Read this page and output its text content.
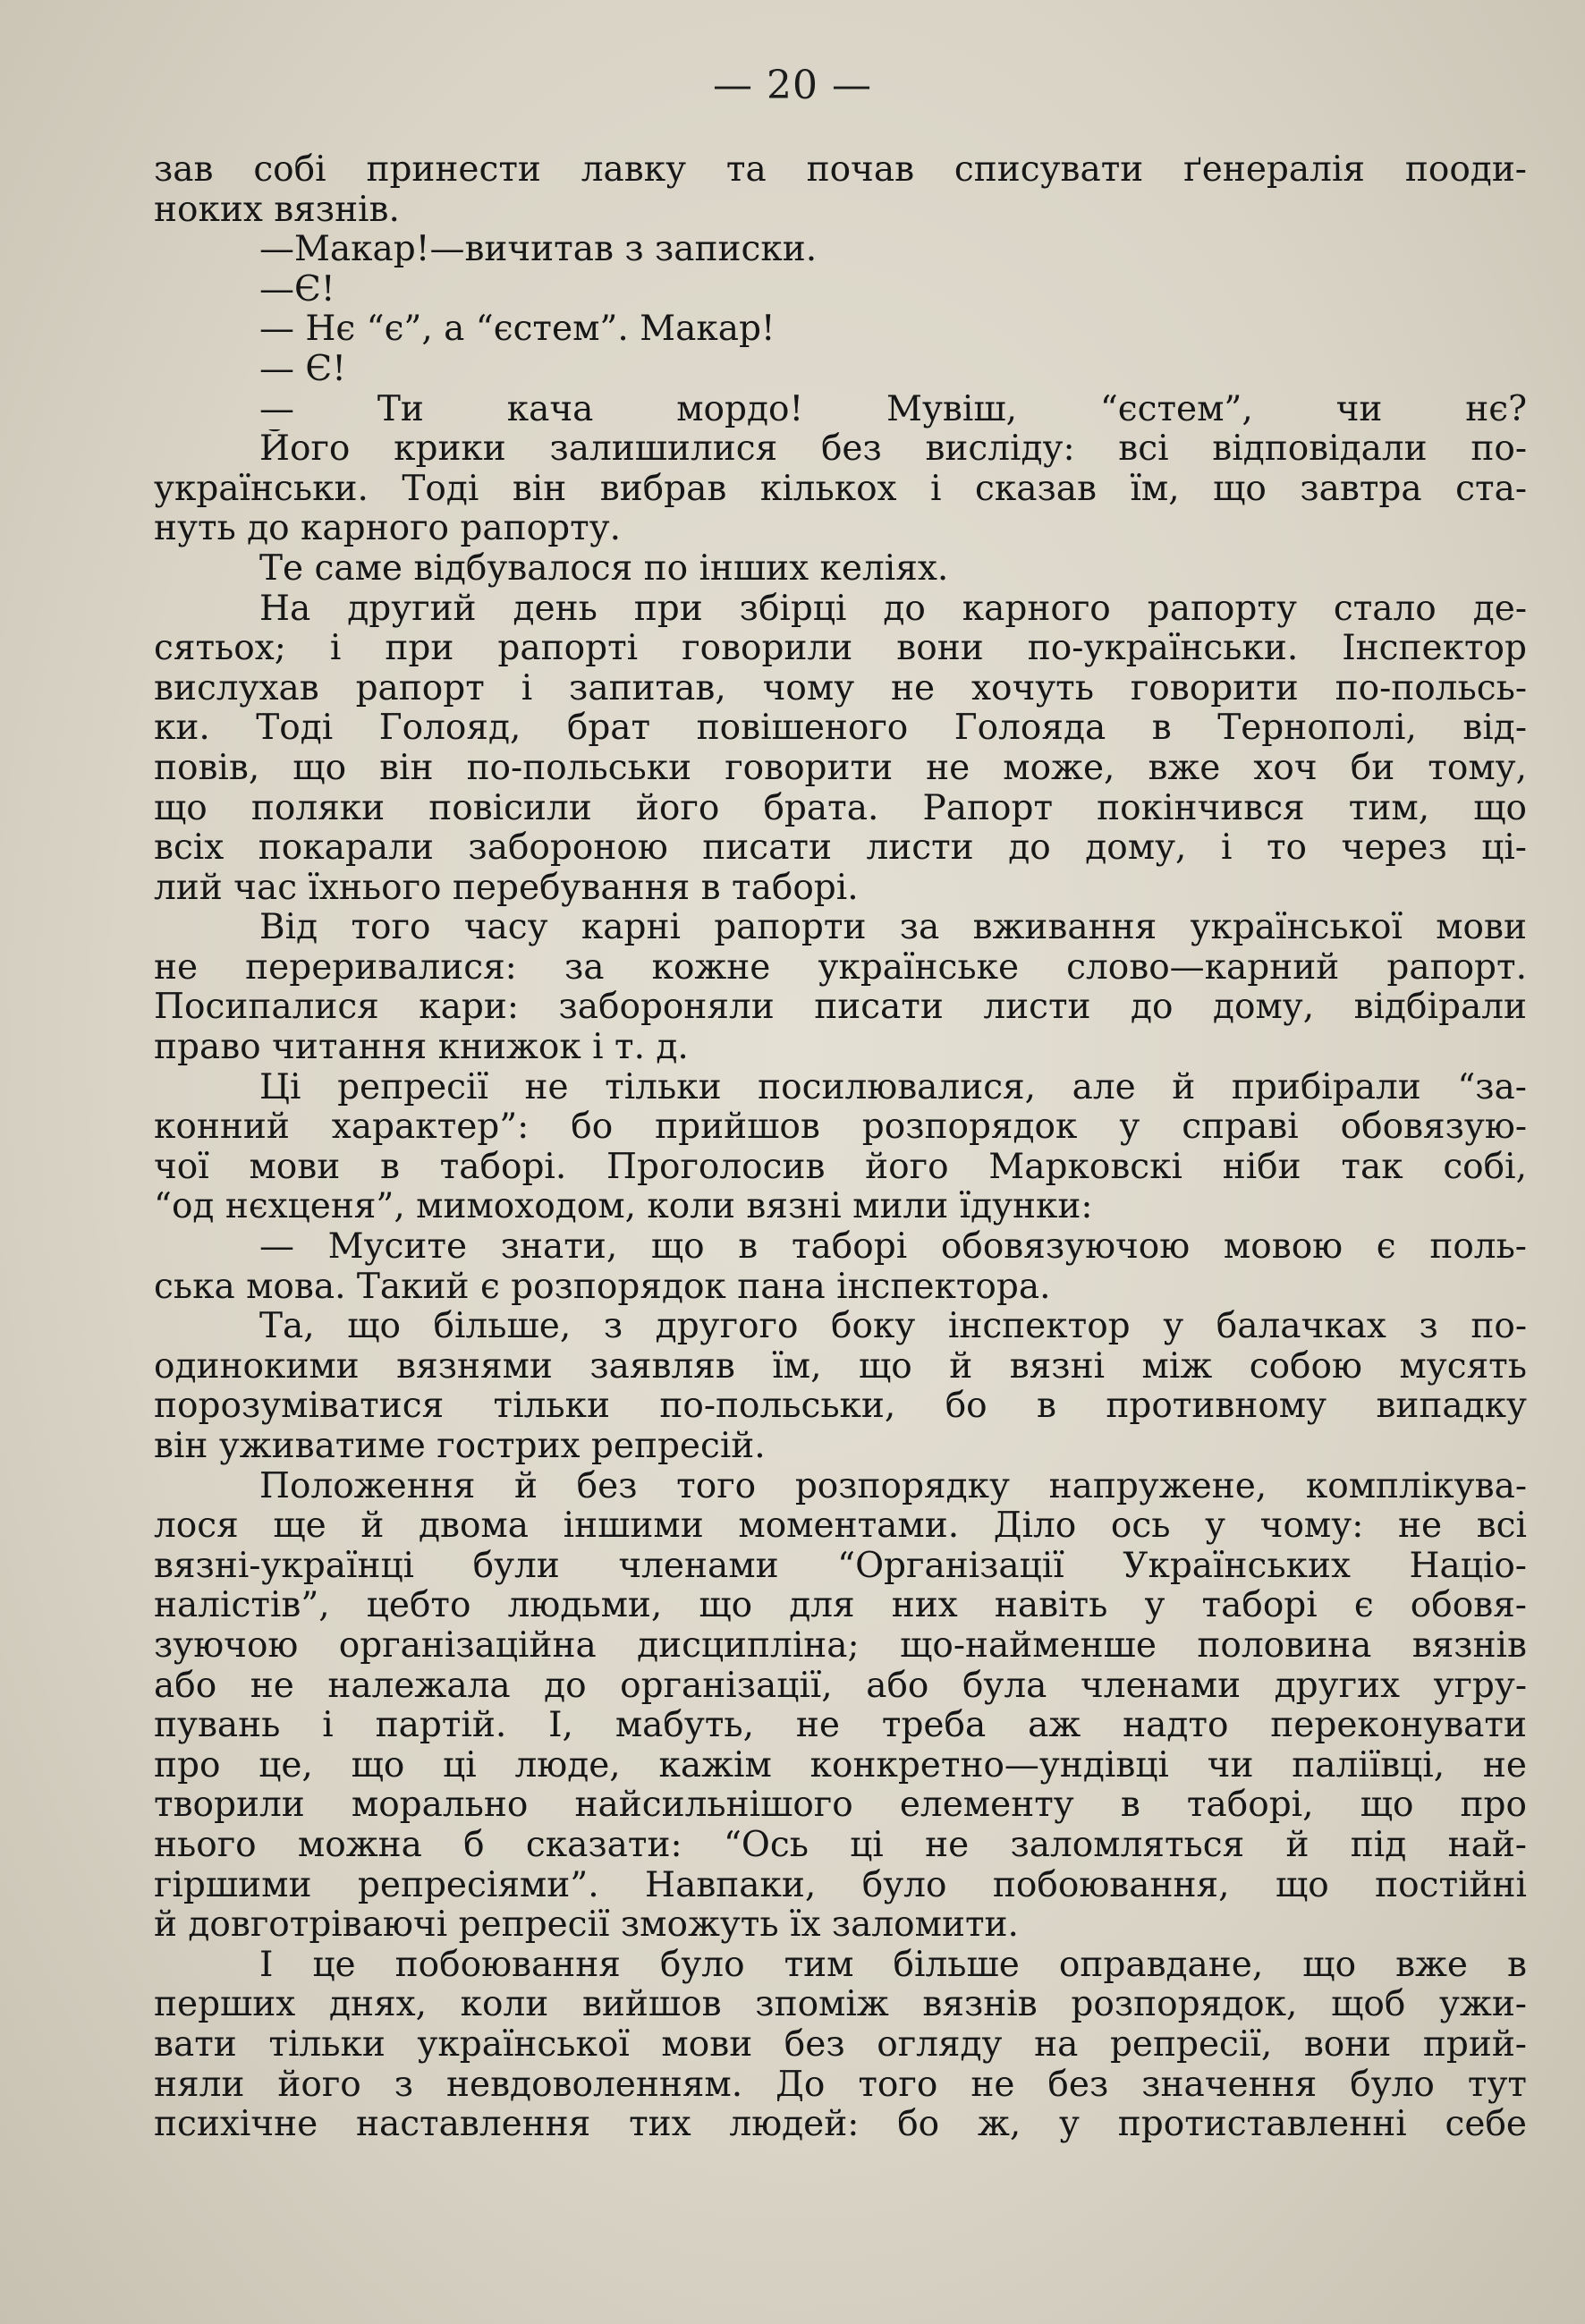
— 20 —
зав собі принести лавку та почав списувати ґенералія пооди-
ноких вязнів.
—Макар!—вичитав з записки.
—Є!
— Нє “є”, а “єстем”. Макар!
— Є!
— Ти кача мордо! Мувіш, “єстем”, чи нє?
Його крики залишилися без висліду: всі відповідали по-
українськи. Тоді він вибрав кількох і сказав їм, що завтра ста-
нуть до карного рапорту.
Те саме відбувалося по інших келіях.
На другий день при збірці до карного рапорту стало де-
сятьох; і при рапорті говорили вони по-українськи. Інспектор
вислухав рапорт і запитав, чому не хочуть говорити по-польсь-
ки. Тоді Голояд, брат повішеного Голояда в Тернополі, від-
повів, що він по-польськи говорити не може, вже хоч би тому,
що поляки повісили його брата. Рапорт покінчився тим, що
всіх покарали забороною писати листи до дому, і то через ці-
лий час їхнього перебування в таборі.
Від того часу карні рапорти за вживання української мови
не переривалися: за кожне українське слово—карний рапорт.
Посипалися кари: забороняли писати листи до дому, відбірали
право читання книжок і т. д.
Ці репресії не тільки посилювалися, але й прибірали “за-
конний характер”: бо прийшов розпорядок у справі обовязую-
чої мови в таборі. Проголосив його Марковскі ніби так собі,
“од нєхценя”, мимоходом, коли вязні мили їдунки:
— Мусите знати, що в таборі обовязуючою мовою є поль-
ська мова. Такий є розпорядок пана інспектора.
Та, що більше, з другого боку інспектор у балачках з по-
одинокими вязнями заявляв їм, що й вязні між собою мусять
порозуміватися тільки по-польськи, бо в противному випадку
він уживатиме гострих репресій.
Положення й без того розпорядку напружене, комплікува-
лося ще й двома іншими моментами. Діло ось у чому: не всі
вязні-українці були членами “Організації Українських Націо-
налістів”, цебто людьми, що для них навіть у таборі є обовя-
зуючою організаційна дисципліна; що-найменше половина вязнів
або не належала до організації, або була членами других угру-
пувань і партій. І, мабуть, не треба аж надто переконувати
про це, що ці люде, кажім конкретно—ундівці чи паліївці, не
творили морально найсильнішого елементу в таборі, що про
нього можна б сказати: “Ось ці не заломляться й під най-
гіршими репресіями”. Навпаки, було побоювання, що постійні
й довготріваючі репресії зможуть їх заломити.
І це побоювання було тим більше оправдане, що вже в
перших днях, коли вийшов зпоміж вязнів розпорядок, щоб ужи-
вати тільки української мови без огляду на репресії, вони прий-
няли його з невдоволенням. До того не без значення було тут
психічне наставлення тих людей: бо ж, у протиставленні себе
